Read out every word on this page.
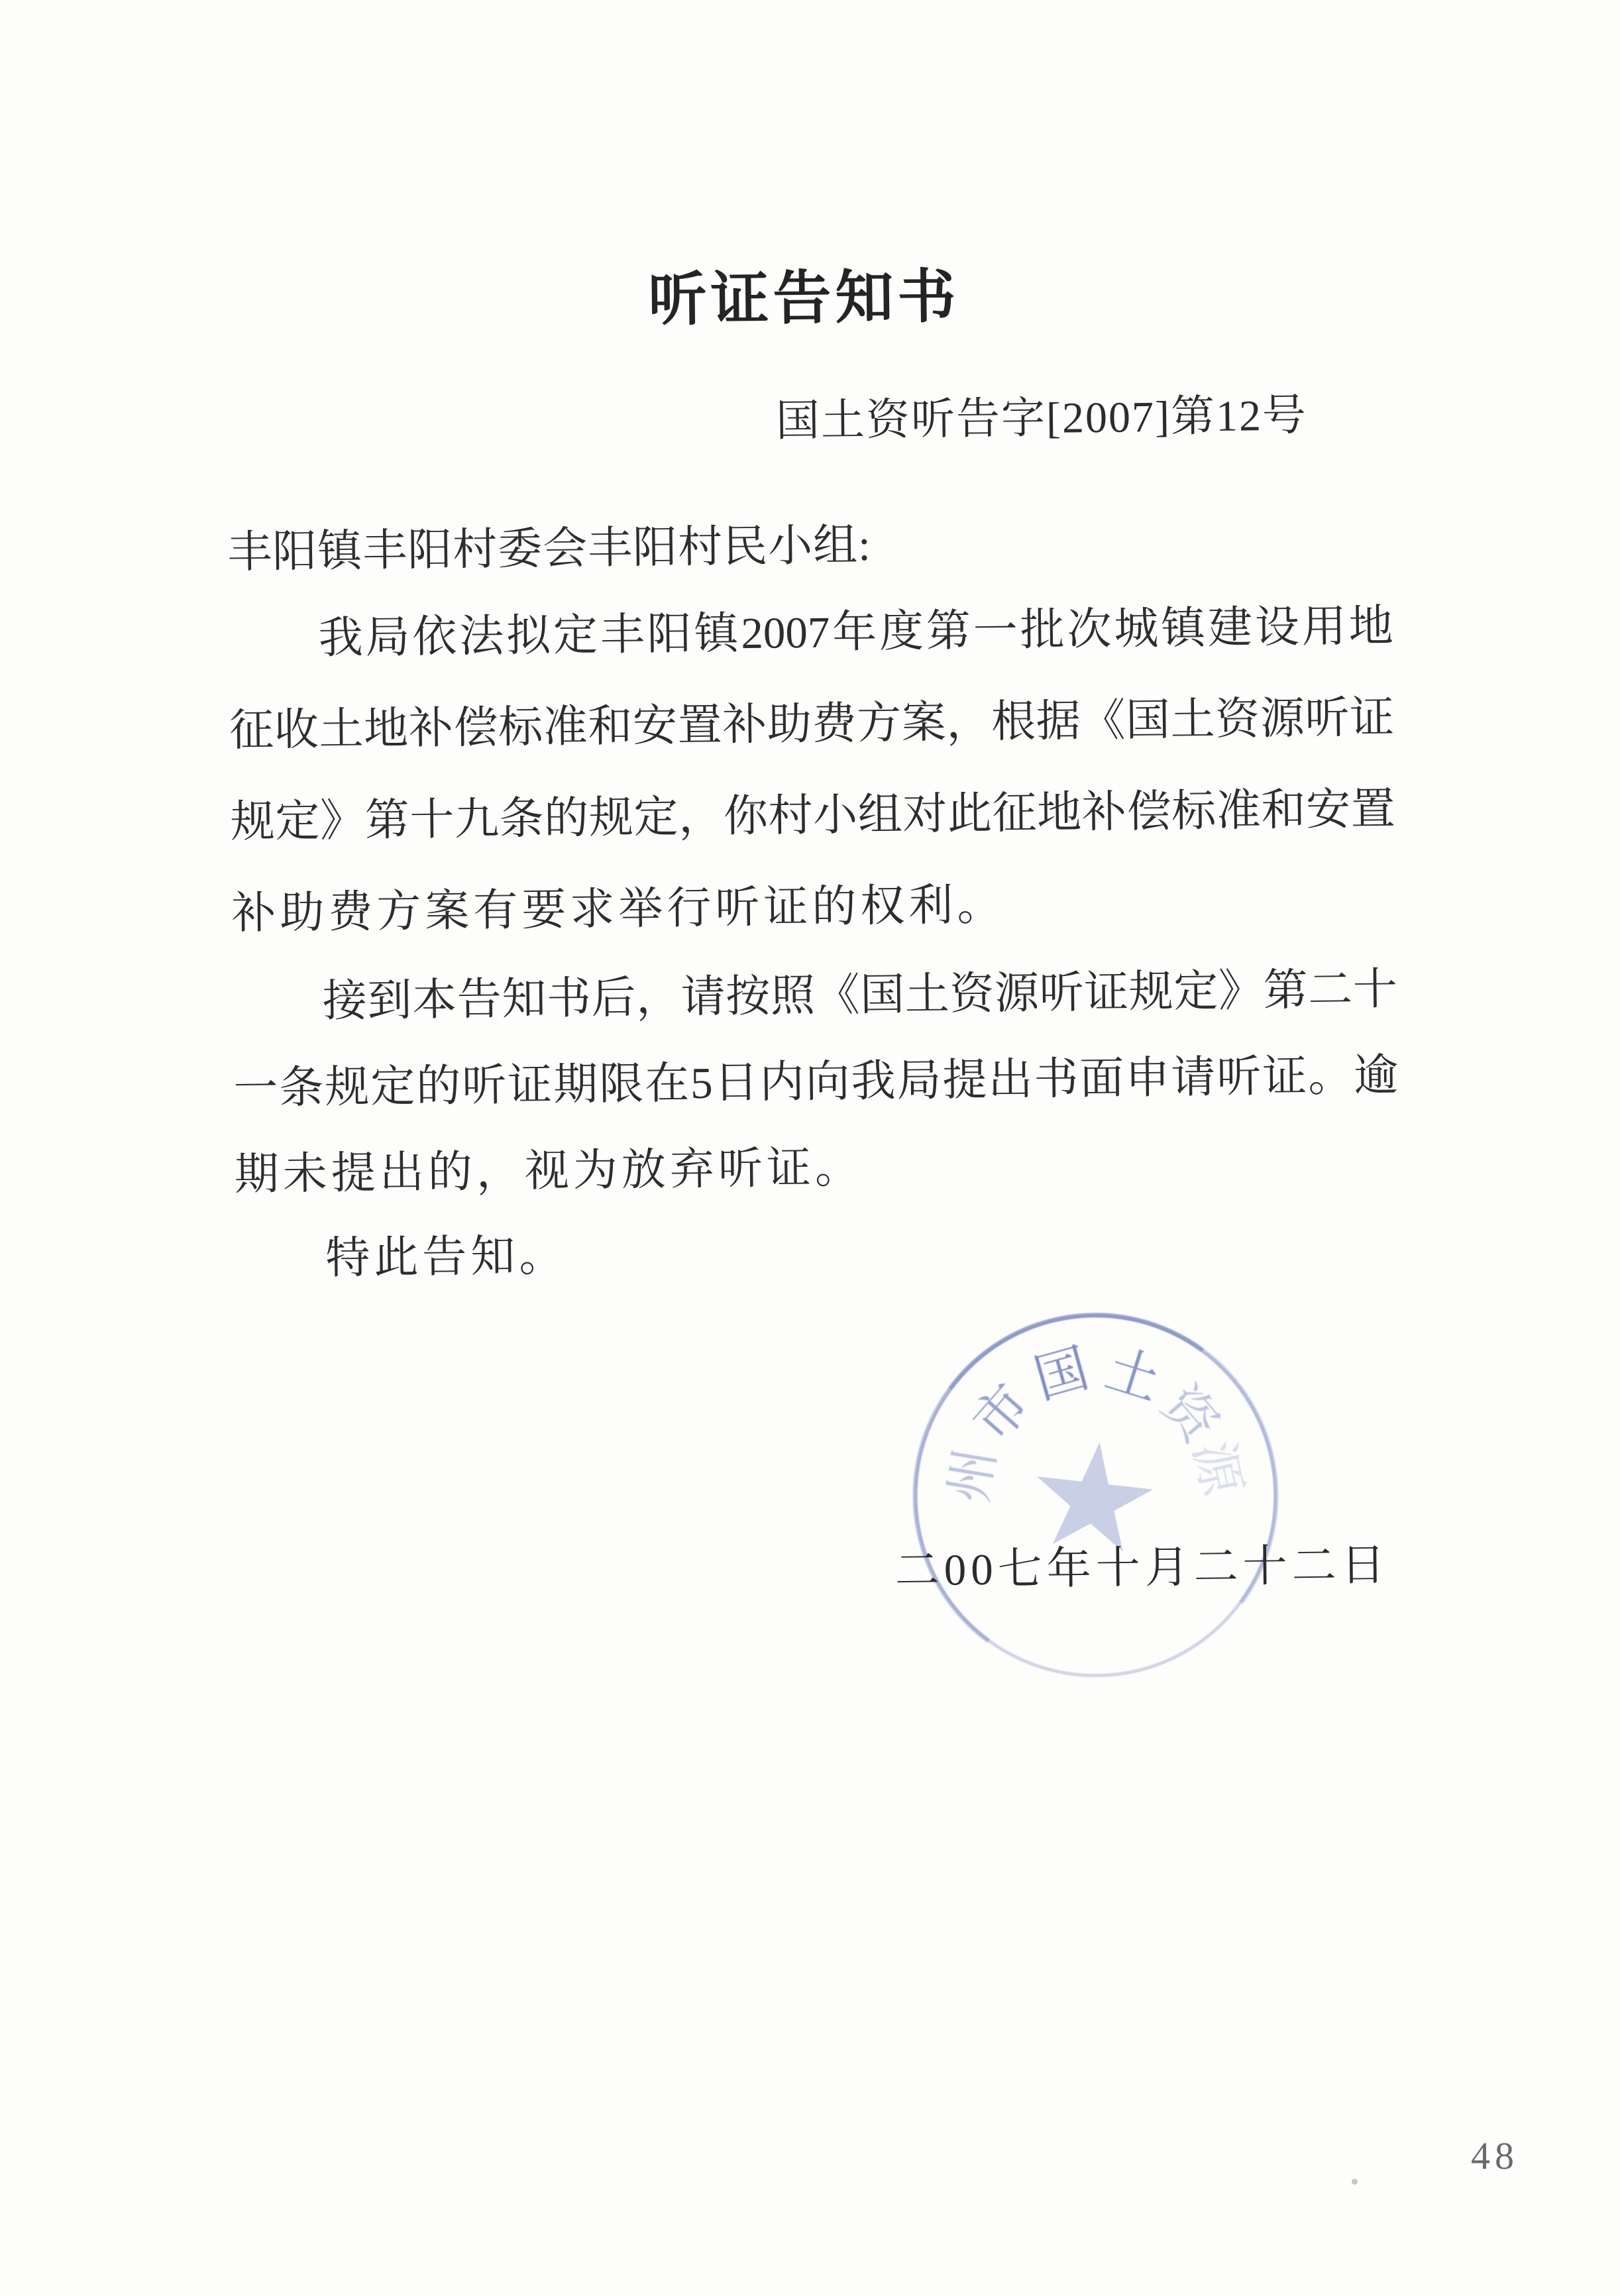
听证告知书
国土资听告字[2007]第12号
丰阳镇丰阳村委会丰阳村民小组:
我局依法拟定丰阳镇2007年度第一批次城镇建设用地
征收土地补偿标准和安置补助费方案，根据《国土资源听证
规定》第十九条的规定，你村小组对此征地补偿标准和安置
补助费方案有要求举行听证的权利。
接到本告知书后，请按照《国土资源听证规定》第二十
一条规定的听证期限在5日内向我局提出书面申请听证。逾
期未提出的，视为放弃听证。
特此告知。
州
市
国 土
资
源
二00七年十月二十二日
48
